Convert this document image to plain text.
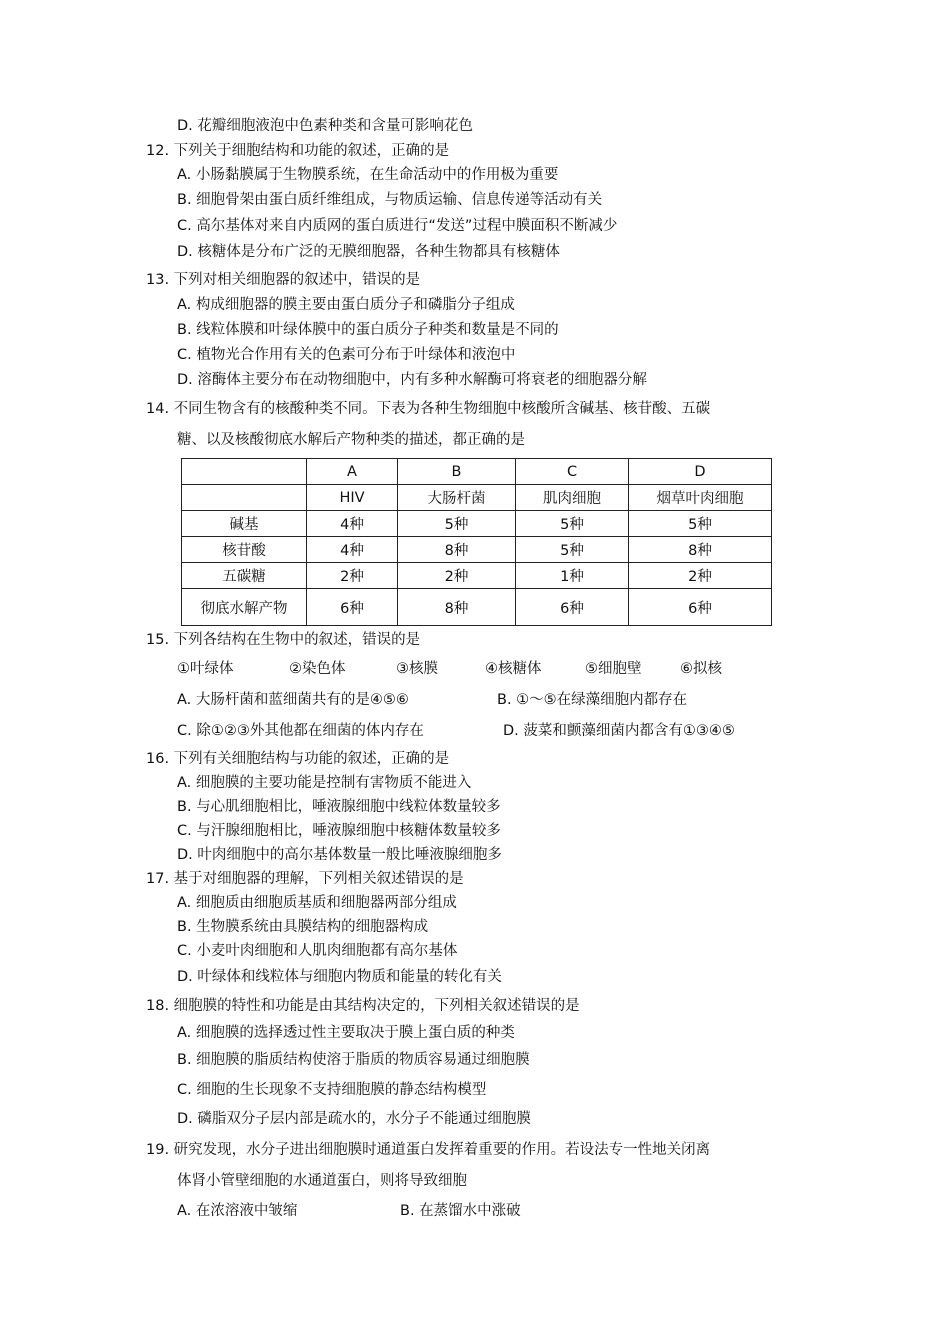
D. 花瓣细胞液泡中色素种类和含量可影响花色
12. 下列关于细胞结构和功能的叙述，正确的是
A. 小肠黏膜属于生物膜系统，在生命活动中的作用极为重要
B. 细胞骨架由蛋白质纤维组成，与物质运输、信息传递等活动有关
C. 高尔基体对来自内质网的蛋白质进行“发送”过程中膜面积不断减少
D. 核糖体是分布广泛的无膜细胞器，各种生物都具有核糖体
13. 下列对相关细胞器的叙述中，错误的是
A. 构成细胞器的膜主要由蛋白质分子和磷脂分子组成
B. 线粒体膜和叶绿体膜中的蛋白质分子种类和数量是不同的
C. 植物光合作用有关的色素可分布于叶绿体和液泡中
D. 溶酶体主要分布在动物细胞中，内有多种水解酶可将衰老的细胞器分解
14. 不同生物含有的核酸种类不同。下表为各种生物细胞中核酸所含碱基、核苷酸、五碳
糖、以及核酸彻底水解后产物种类的描述，都正确的是
	A	B	C	D
	HIV	大肠杆菌	肌肉细胞	烟草叶肉细胞
碱基	4种	5种	5种	5种
核苷酸	4种	8种	5种	8种
五碳糖	2种	2种	1种	2种
彻底水解产物	6种	8种	6种	6种
15. 下列各结构在生物中的叙述，错误的是
①叶绿体	②染色体	③核膜	④核糖体	⑤细胞壁	⑥拟核
A. 大肠杆菌和蓝细菌共有的是④⑤⑥	B. ①～⑤在绿藻细胞内都存在
C. 除①②③外其他都在细菌的体内存在	D. 菠菜和颤藻细菌内都含有①③④⑤
16. 下列有关细胞结构与功能的叙述，正确的是
A. 细胞膜的主要功能是控制有害物质不能进入
B. 与心肌细胞相比，唾液腺细胞中线粒体数量较多
C. 与汗腺细胞相比，唾液腺细胞中核糖体数量较多
D. 叶肉细胞中的高尔基体数量一般比唾液腺细胞多
17. 基于对细胞器的理解，下列相关叙述错误的是
A. 细胞质由细胞质基质和细胞器两部分组成
B. 生物膜系统由具膜结构的细胞器构成
C. 小麦叶肉细胞和人肌肉细胞都有高尔基体
D. 叶绿体和线粒体与细胞内物质和能量的转化有关
18. 细胞膜的特性和功能是由其结构决定的，下列相关叙述错误的是
A. 细胞膜的选择透过性主要取决于膜上蛋白质的种类
B. 细胞膜的脂质结构使溶于脂质的物质容易通过细胞膜
C. 细胞的生长现象不支持细胞膜的静态结构模型
D. 磷脂双分子层内部是疏水的，水分子不能通过细胞膜
19. 研究发现，水分子进出细胞膜时通道蛋白发挥着重要的作用。若设法专一性地关闭离
体肾小管壁细胞的水通道蛋白，则将导致细胞
A. 在浓溶液中皱缩	B. 在蒸馏水中涨破
